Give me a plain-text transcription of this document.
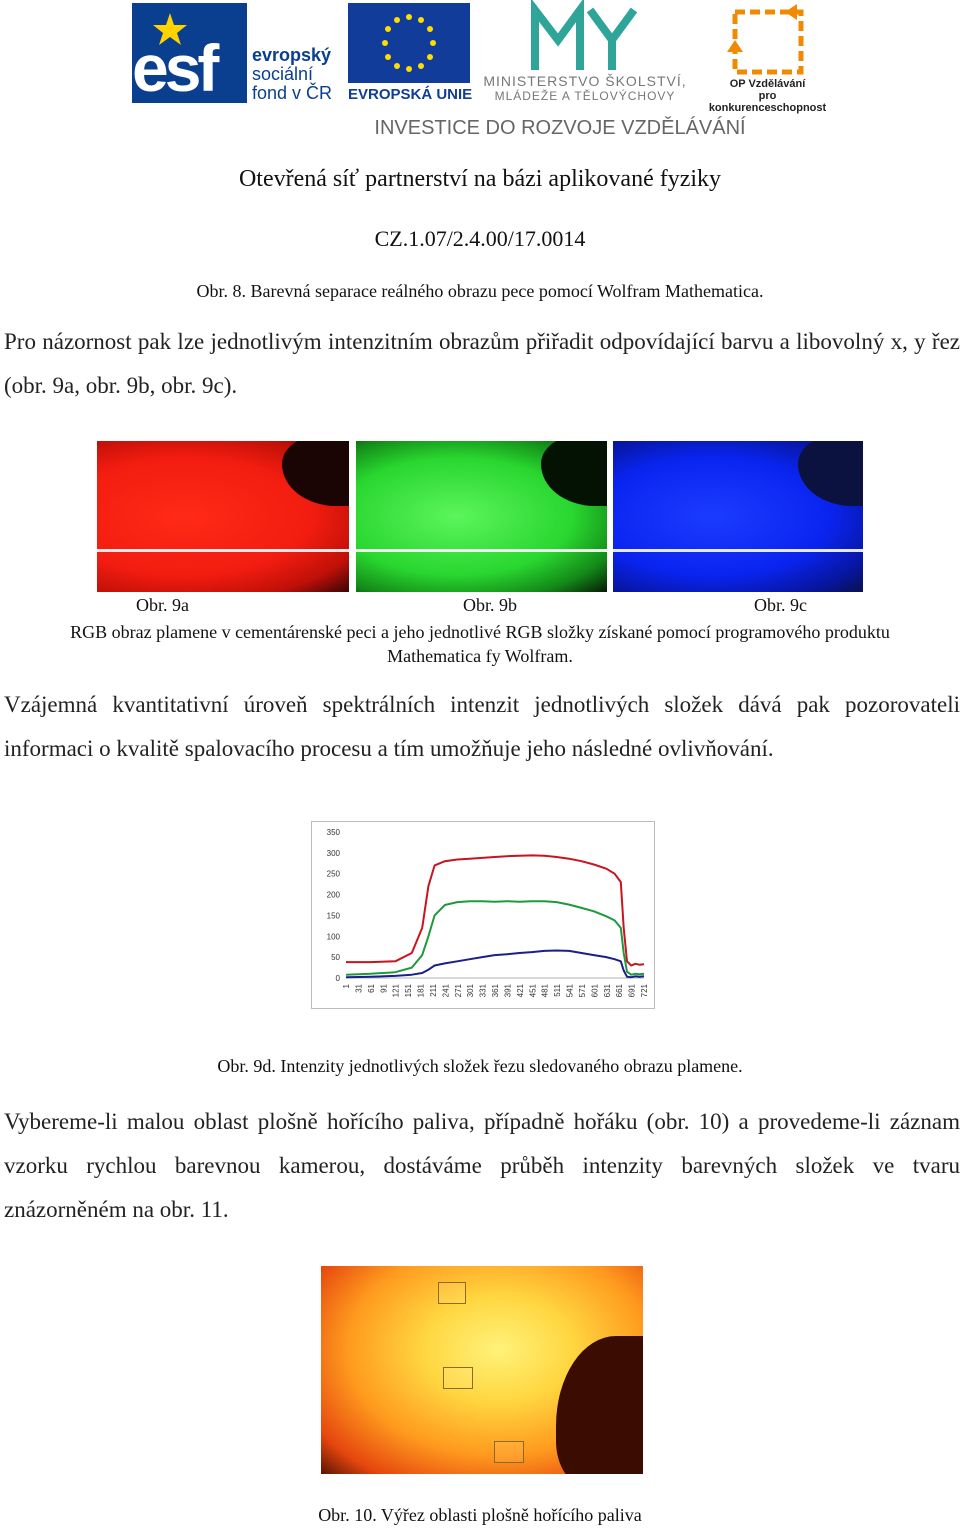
esf evropský
sociální
fond v ČR EVROPSKÁ UNIE
MINISTERSTVO ŠKOLSTVÍ,
MLÁDEŽE A TĚLOVÝCHOVY
OP Vzdělávání
pro konkurenceschopnost
INVESTICE DO ROZVOJE VZDĚLÁVÁNÍ
Otevřená síť partnerství na bázi aplikované fyziky
CZ.1.07/2.4.00/17.0014
Obr. 8. Barevná separace reálného obrazu pece pomocí Wolfram Mathematica.
Pro názornost pak lze jednotlivým intenzitním obrazům přiřadit odpovídající barvu a libovolný x, y řez (obr. 9a, obr. 9b, obr. 9c).
Obr. 9a	Obr. 9b	Obr. 9c
RGB obraz plamene v cementárenské peci a jeho jednotlivé RGB složky získané pomocí programového produktu Mathematica fy Wolfram.
Vzájemná kvantitativní úroveň spektrálních intenzit jednotlivých složek dává pak pozorovateli informaci o kvalitě spalovacího procesu a tím umožňuje jeho následné ovlivňování.
0
50
100
150
200
250
300
350
1 31 61 91 121 151 181 211 241 271 301 331 361 391 421 451 481 511 541 571 601 631 661 691 721
Obr. 9d. Intenzity jednotlivých složek řezu sledovaného obrazu plamene.
Vybereme-li malou oblast plošně hořícího paliva, případně hořáku (obr. 10) a provedeme-li záznam vzorku rychlou barevnou kamerou, dostáváme průběh intenzity barevných složek ve tvaru znázorněném na obr. 11.
Obr. 10. Výřez oblasti plošně hořícího paliva
